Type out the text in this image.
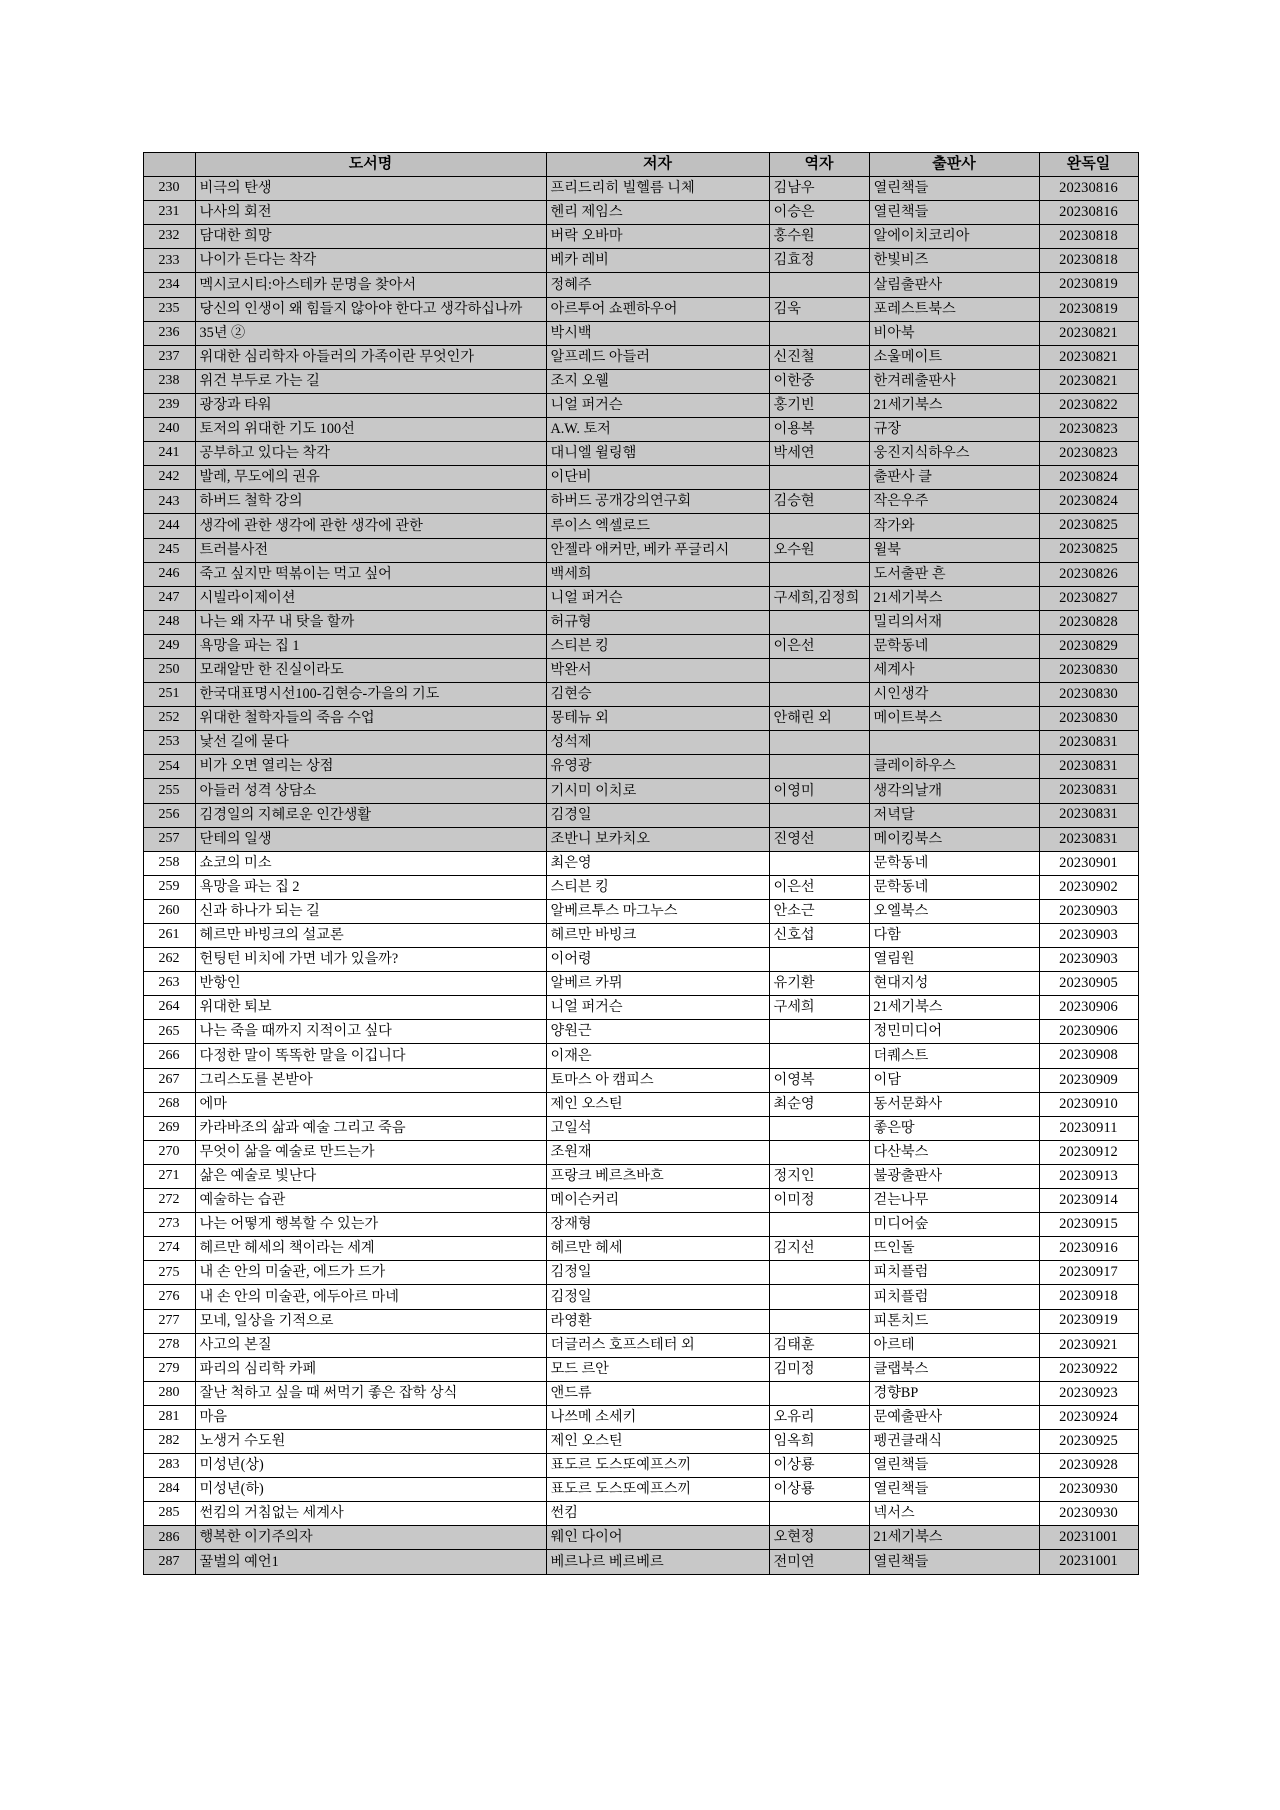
	도서명	저자	역자	출판사	완독일
230	비극의 탄생	프리드리히 빌헬름 니체	김남우	열린책들	20230816
231	나사의 회전	헨리 제임스	이승은	열린책들	20230816
232	담대한 희망	버락 오바마	홍수원	알에이치코리아	20230818
233	나이가 든다는 착각	베카 레비	김효정	한빛비즈	20230818
234	멕시코시티:아스테카 문명을 찾아서	정혜주		살림출판사	20230819
235	당신의 인생이 왜 힘들지 않아야 한다고 생각하십나까	아르투어 쇼펜하우어	김욱	포레스트북스	20230819
236	35년 ②	박시백		비아북	20230821
237	위대한 심리학자 아들러의 가족이란 무엇인가	알프레드 아들러	신진철	소울메이트	20230821
238	위건 부두로 가는 길	조지 오웰	이한중	한겨레출판사	20230821
239	광장과 타워	니얼 퍼거슨	홍기빈	21세기북스	20230822
240	토저의 위대한 기도 100선	A.W. 토저	이용복	규장	20230823
241	공부하고 있다는 착각	대니엘 윌링햄	박세연	웅진지식하우스	20230823
242	발레, 무도에의 권유	이단비		출판사 클	20230824
243	하버드 철학 강의	하버드 공개강의연구회	김승현	작은우주	20230824
244	생각에 관한 생각에 관한 생각에 관한	루이스 엑셀로드		작가와	20230825
245	트러블사전	안젤라 애커만, 베카 푸글리시	오수원	윌북	20230825
246	죽고 싶지만 떡볶이는 먹고 싶어	백세희		도서출판 흔	20230826
247	시빌라이제이션	니얼 퍼거슨	구세희,김정희	21세기북스	20230827
248	나는 왜 자꾸 내 탓을 할까	허규형		밀리의서재	20230828
249	욕망을 파는 집 1	스티븐 킹	이은선	문학동네	20230829
250	모래알만 한 진실이라도	박완서		세계사	20230830
251	한국대표명시선100-김현승-가을의 기도	김현승		시인생각	20230830
252	위대한 철학자들의 죽음 수업	몽테뉴 외	안해린 외	메이트북스	20230830
253	낯선 길에 묻다	성석제			20230831
254	비가 오면 열리는 상점	유영광		클레이하우스	20230831
255	아들러 성격 상담소	기시미 이치로	이영미	생각의날개	20230831
256	김경일의 지혜로운 인간생활	김경일		저녁달	20230831
257	단테의 일생	조반니 보카치오	진영선	메이킹북스	20230831
258	쇼코의 미소	최은영		문학동네	20230901
259	욕망을 파는 집 2	스티븐 킹	이은선	문학동네	20230902
260	신과 하나가 되는 길	알베르투스 마그누스	안소근	오엘북스	20230903
261	헤르만 바빙크의 설교론	헤르만 바빙크	신호섭	다함	20230903
262	헌팅턴 비치에 가면 네가 있을까?	이어령		열림원	20230903
263	반항인	알베르 카뮈	유기환	현대지성	20230905
264	위대한 퇴보	니얼 퍼거슨	구세희	21세기북스	20230906
265	나는 죽을 때까지 지적이고 싶다	양원근		정민미디어	20230906
266	다정한 말이 똑똑한 말을 이깁니다	이재은		더퀘스트	20230908
267	그리스도를 본받아	토마스 아 캠피스	이영복	이담	20230909
268	에마	제인 오스틴	최순영	동서문화사	20230910
269	카라바조의 삶과 예술 그리고 죽음	고일석		좋은땅	20230911
270	무엇이 삶을 예술로 만드는가	조원재		다산북스	20230912
271	삶은 예술로 빛난다	프랑크 베르츠바흐	정지인	불광출판사	20230913
272	예술하는 습관	메이슨커리	이미정	걷는나무	20230914
273	나는 어떻게 행복할 수 있는가	장재형		미디어숲	20230915
274	헤르만 헤세의 책이라는 세계	헤르만 헤세	김지선	뜨인돌	20230916
275	내 손 안의 미술관, 에드가 드가	김정일		피치플럼	20230917
276	내 손 안의 미술관, 에두아르 마네	김정일		피치플럼	20230918
277	모네, 일상을 기적으로	라영환		피톤치드	20230919
278	사고의 본질	더글러스 호프스테터 외	김태훈	아르테	20230921
279	파리의 심리학 카페	모드 르안	김미정	클랩북스	20230922
280	잘난 척하고 싶을 때 써먹기 좋은 잡학 상식	앤드류		경향BP	20230923
281	마음	나쓰메 소세키	오유리	문예출판사	20230924
282	노생거 수도원	제인 오스틴	임옥희	펭귄클래식	20230925
283	미성년(상)	표도르 도스또예프스끼	이상룡	열린책들	20230928
284	미성년(하)	표도르 도스또예프스끼	이상룡	열린책들	20230930
285	썬킴의 거침없는 세계사	썬킴		넥서스	20230930
286	행복한 이기주의자	웨인 다이어	오현정	21세기북스	20231001
287	꿀벌의 예언1	베르나르 베르베르	전미연	열린책들	20231001
